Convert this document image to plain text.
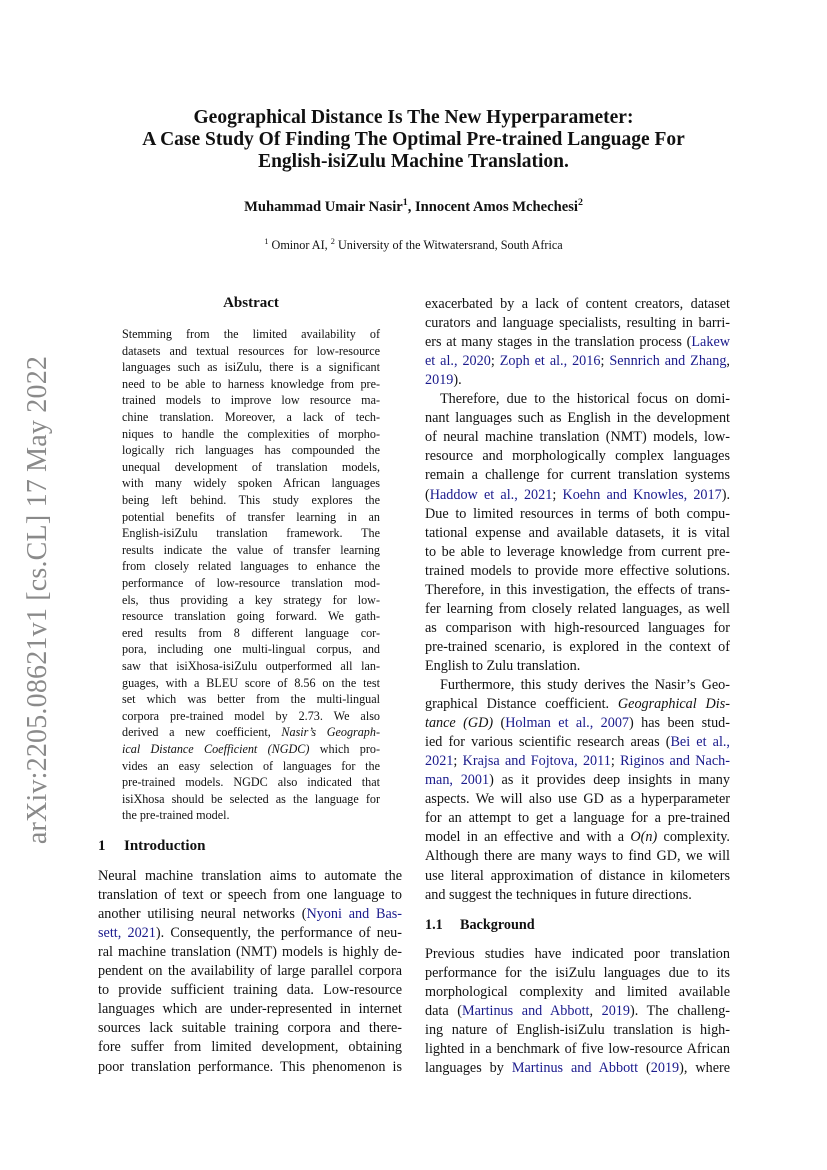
Geographical Distance Is The New Hyperparameter:
A Case Study Of Finding The Optimal Pre-trained Language For
English-isiZulu Machine Translation.
Muhammad Umair Nasir$^1$, Innocent Amos Mchechesi$^2$
$^1$ Ominor AI, $^2$ University of the Witwatersrand, South Africa
arXiv:2205.08621v1 [cs.CL] 17 May 2022
Abstract
Stemming from the limited availability of
datasets and textual resources for low-resource
languages such as isiZulu, there is a significant
need to be able to harness knowledge from pre-
trained models to improve low resource ma-
chine translation. Moreover, a lack of tech-
niques to handle the complexities of morpho-
logically rich languages has compounded the
unequal development of translation models,
with many widely spoken African languages
being left behind. This study explores the
potential benefits of transfer learning in an
English-isiZulu translation framework. The
results indicate the value of transfer learning
from closely related languages to enhance the
performance of low-resource translation mod-
els, thus providing a key strategy for low-
resource translation going forward. We gath-
ered results from 8 different language cor-
pora, including one multi-lingual corpus, and
saw that isiXhosa-isiZulu outperformed all lan-
guages, with a BLEU score of 8.56 on the test
set which was better from the multi-lingual
corpora pre-trained model by 2.73. We also
derived a new coefficient, Nasir’s Geograph-
ical Distance Coefficient (NGDC) which pro-
vides an easy selection of languages for the
pre-trained models. NGDC also indicated that
isiXhosa should be selected as the language for
the pre-trained model.
1 Introduction
Neural machine translation aims to automate the
translation of text or speech from one language to
another utilising neural networks (Nyoni and Bas-
sett, 2021). Consequently, the performance of neu-
ral machine translation (NMT) models is highly de-
pendent on the availability of large parallel corpora
to provide sufficient training data. Low-resource
languages which are under-represented in internet
sources lack suitable training corpora and there-
fore suffer from limited development, obtaining
poor translation performance. This phenomenon is
exacerbated by a lack of content creators, dataset
curators and language specialists, resulting in barri-
ers at many stages in the translation process (Lakew
et al., 2020; Zoph et al., 2016; Sennrich and Zhang,
2019).
Therefore, due to the historical focus on domi-
nant languages such as English in the development
of neural machine translation (NMT) models, low-
resource and morphologically complex languages
remain a challenge for current translation systems
(Haddow et al., 2021; Koehn and Knowles, 2017).
Due to limited resources in terms of both compu-
tational expense and available datasets, it is vital
to be able to leverage knowledge from current pre-
trained models to provide more effective solutions.
Therefore, in this investigation, the effects of trans-
fer learning from closely related languages, as well
as comparison with high-resourced languages for
pre-trained scenario, is explored in the context of
English to Zulu translation.
Furthermore, this study derives the Nasir’s Geo-
graphical Distance coefficient. Geographical Dis-
tance (GD) (Holman et al., 2007) has been stud-
ied for various scientific research areas (Bei et al.,
2021; Krajsa and Fojtova, 2011; Riginos and Nach-
man, 2001) as it provides deep insights in many
aspects. We will also use GD as a hyperparameter
for an attempt to get a language for a pre-trained
model in an effective and with a O(n) complexity.
Although there are many ways to find GD, we will
use literal approximation of distance in kilometers
and suggest the techniques in future directions.
1.1 Background
Previous studies have indicated poor translation
performance for the isiZulu languages due to its
morphological complexity and limited available
data (Martinus and Abbott, 2019). The challeng-
ing nature of English-isiZulu translation is high-
lighted in a benchmark of five low-resource African
languages by Martinus and Abbott (2019), where
